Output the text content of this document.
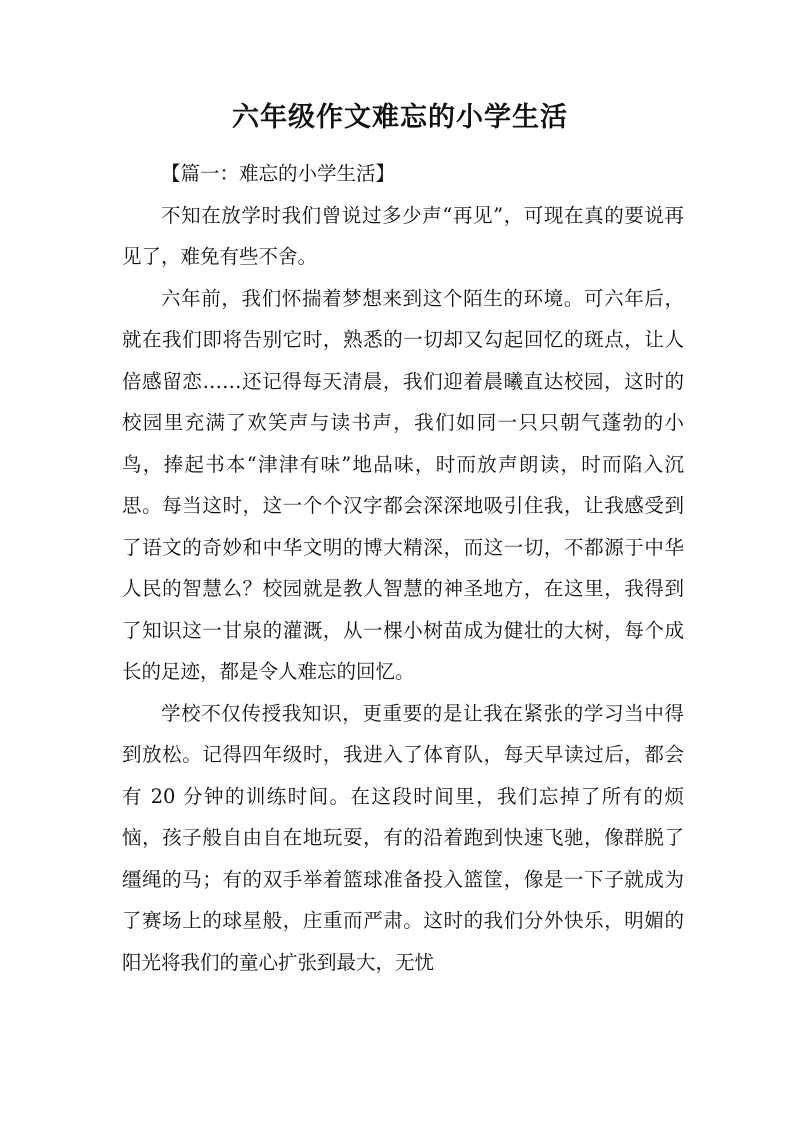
六年级作文难忘的小学生活

【篇一：难忘的小学生活】

不知在放学时我们曾说过多少声“再见”，可现在真的要说再见了，难免有些不舍。

六年前，我们怀揣着梦想来到这个陌生的环境。可六年后，就在我们即将告别它时，熟悉的一切却又勾起回忆的斑点，让人倍感留恋……还记得每天清晨，我们迎着晨曦直达校园，这时的校园里充满了欢笑声与读书声，我们如同一只只朝气蓬勃的小鸟，捧起书本“津津有味”地品味，时而放声朗读，时而陷入沉思。每当这时，这一个个汉字都会深深地吸引住我，让我感受到了语文的奇妙和中华文明的博大精深，而这一切，不都源于中华人民的智慧么？校园就是教人智慧的神圣地方，在这里，我得到了知识这一甘泉的灌溉，从一棵小树苗成为健壮的大树，每个成长的足迹，都是令人难忘的回忆。

学校不仅传授我知识，更重要的是让我在紧张的学习当中得到放松。记得四年级时，我进入了体育队，每天早读过后，都会有 20 分钟的训练时间。在这段时间里，我们忘掉了所有的烦恼，孩子般自由自在地玩耍，有的沿着跑到快速飞驰，像群脱了缰绳的马；有的双手举着篮球准备投入篮筐，像是一下子就成为了赛场上的球星般，庄重而严肃。这时的我们分外快乐，明媚的阳光将我们的童心扩张到最大，无忧
